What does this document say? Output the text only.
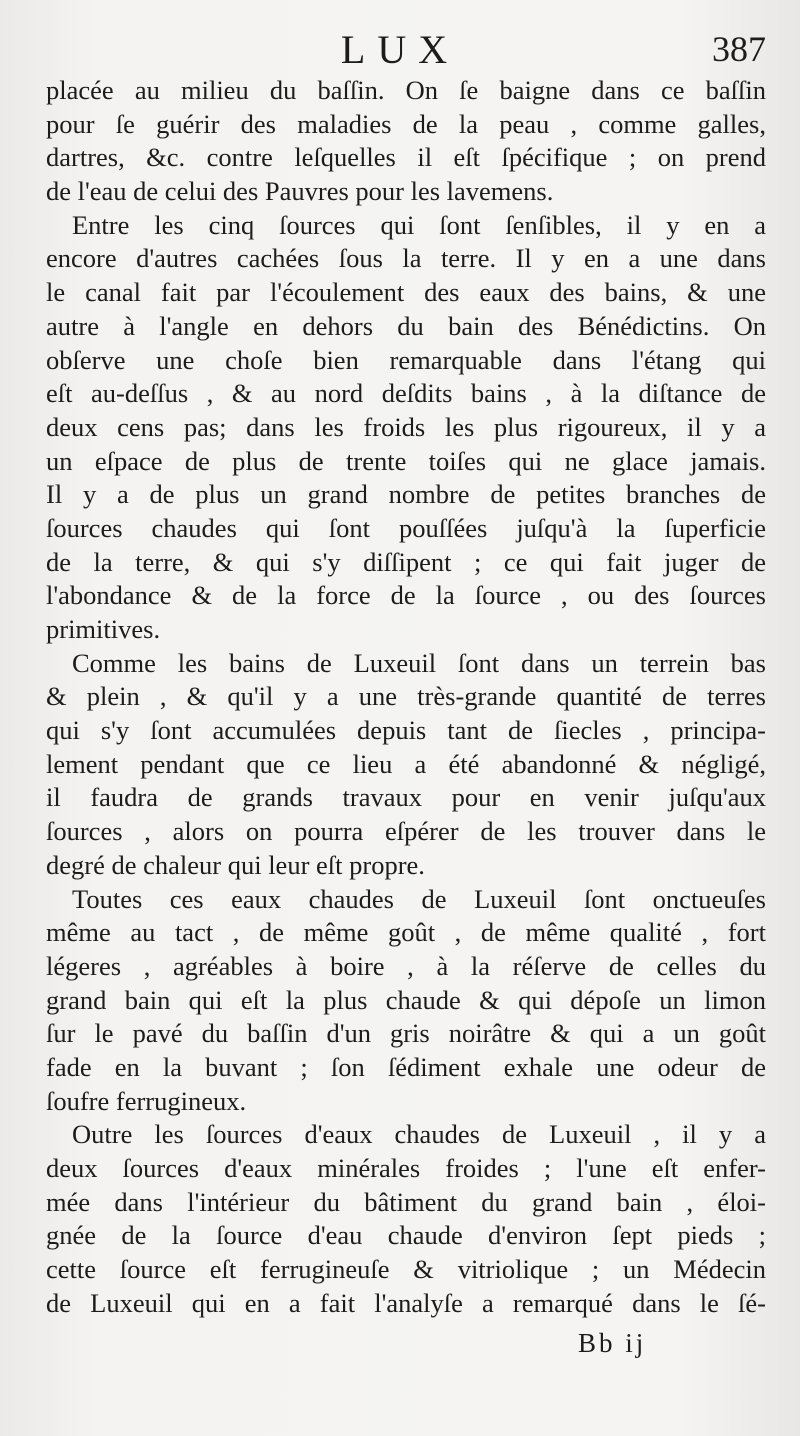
LUX	387
placée au milieu du baſſin. On ſe baigne dans ce baſſin
pour ſe guérir des maladies de la peau , comme galles,
dartres, &c. contre leſquelles il eſt ſpécifique ; on prend
de l'eau de celui des Pauvres pour les lavemens.
Entre les cinq ſources qui ſont ſenſibles, il y en a
encore d'autres cachées ſous la terre. Il y en a une dans
le canal fait par l'écoulement des eaux des bains, & une
autre à l'angle en dehors du bain des Bénédictins. On
obſerve une choſe bien remarquable dans l'étang qui
eſt au-deſſus , & au nord deſdits bains , à la diſtance de
deux cens pas; dans les froids les plus rigoureux, il y a
un eſpace de plus de trente toiſes qui ne glace jamais.
Il y a de plus un grand nombre de petites branches de
ſources chaudes qui ſont pouſſées juſqu'à la ſuperficie
de la terre, & qui s'y diſſipent ; ce qui fait juger de
l'abondance & de la force de la ſource , ou des ſources
primitives.
Comme les bains de Luxeuil ſont dans un terrein bas
& plein , & qu'il y a une très-grande quantité de terres
qui s'y ſont accumulées depuis tant de ſiecles , principa-
lement pendant que ce lieu a été abandonné & négligé,
il faudra de grands travaux pour en venir juſqu'aux
ſources , alors on pourra eſpérer de les trouver dans le
degré de chaleur qui leur eſt propre.
Toutes ces eaux chaudes de Luxeuil ſont onctueuſes
même au tact , de même goût , de même qualité , fort
légeres , agréables à boire , à la réſerve de celles du
grand bain qui eſt la plus chaude & qui dépoſe un limon
ſur le pavé du baſſin d'un gris noirâtre & qui a un goût
fade en la buvant ; ſon ſédiment exhale une odeur de
ſoufre ferrugineux.
Outre les ſources d'eaux chaudes de Luxeuil , il y a
deux ſources d'eaux minérales froides ; l'une eſt enfer-
mée dans l'intérieur du bâtiment du grand bain , éloi-
gnée de la ſource d'eau chaude d'environ ſept pieds ;
cette ſource eſt ferrugineuſe & vitriolique ; un Médecin
de Luxeuil qui en a fait l'analyſe a remarqué dans le ſé-
Bb ij
